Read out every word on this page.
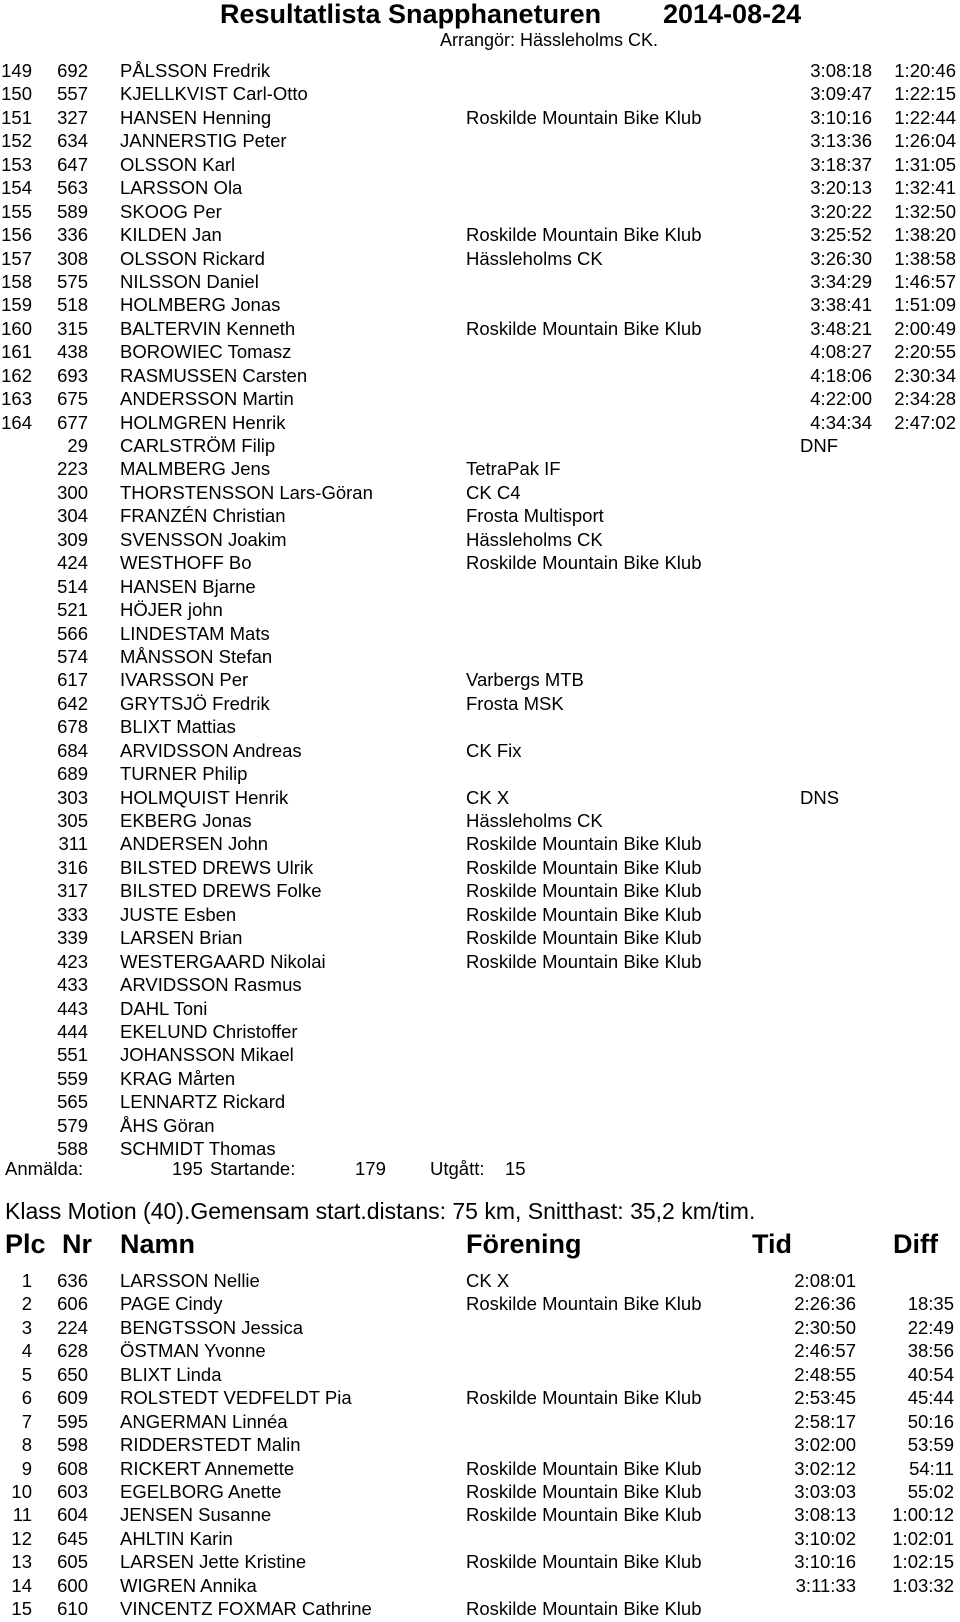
Resultatlista Snapphaneturen 2014-08-24
Arrangör: Hässleholms CK.
149	692 PÅLSSON Fredrik	3:08:18	1:20:46
150	557 KJELLKVIST Carl-Otto	3:09:47	1:22:15
151	327 HANSEN Henning	Roskilde Mountain Bike Klub	3:10:16	1:22:44
152	634 JANNERSTIG Peter	3:13:36	1:26:04
153	647 OLSSON Karl	3:18:37	1:31:05
154	563 LARSSON Ola	3:20:13	1:32:41
155	589 SKOOG Per	3:20:22	1:32:50
156	336 KILDEN Jan	Roskilde Mountain Bike Klub	3:25:52	1:38:20
157	308 OLSSON Rickard	Hässleholms CK	3:26:30	1:38:58
158	575 NILSSON Daniel	3:34:29	1:46:57
159	518 HOLMBERG Jonas	3:38:41	1:51:09
160	315 BALTERVIN Kenneth	Roskilde Mountain Bike Klub	3:48:21	2:00:49
161	438 BOROWIEC Tomasz	4:08:27	2:20:55
162	693 RASMUSSEN Carsten	4:18:06	2:30:34
163	675 ANDERSSON Martin	4:22:00	2:34:28
164	677 HOLMGREN Henrik	4:34:34	2:47:02
29 CARLSTRÖM Filip	DNF
223 MALMBERG Jens	TetraPak IF
300 THORSTENSSON Lars-Göran	CK C4
304 FRANZÉN Christian	Frosta Multisport
309 SVENSSON Joakim	Hässleholms CK
424 WESTHOFF Bo	Roskilde Mountain Bike Klub
514 HANSEN Bjarne
521 HÖJER john
566 LINDESTAM Mats
574 MÅNSSON Stefan
617 IVARSSON Per	Varbergs MTB
642 GRYTSJÖ Fredrik	Frosta MSK
678 BLIXT Mattias
684 ARVIDSSON Andreas	CK Fix
689 TURNER Philip
303 HOLMQUIST Henrik	CK X	DNS
305 EKBERG Jonas	Hässleholms CK
311 ANDERSEN John	Roskilde Mountain Bike Klub
316 BILSTED DREWS Ulrik	Roskilde Mountain Bike Klub
317 BILSTED DREWS Folke	Roskilde Mountain Bike Klub
333 JUSTE Esben	Roskilde Mountain Bike Klub
339 LARSEN Brian	Roskilde Mountain Bike Klub
423 WESTERGAARD Nikolai	Roskilde Mountain Bike Klub
433 ARVIDSSON Rasmus
443 DAHL Toni
444 EKELUND Christoffer
551 JOHANSSON Mikael
559 KRAG Mårten
565 LENNARTZ Rickard
579 ÅHS Göran
588 SCHMIDT Thomas
Anmälda:	195 Startande:	179 Utgått: 15
Klass Motion (40).Gemensam start.distans: 75 km, Snitthast: 35,2 km/tim.
Plc Nr Namn	Förening	Tid	Diff
1	636 LARSSON Nellie	CK X	2:08:01
2	606 PAGE Cindy	Roskilde Mountain Bike Klub	2:26:36	18:35
3	224 BENGTSSON Jessica	2:30:50	22:49
4	628 ÖSTMAN Yvonne	2:46:57	38:56
5	650 BLIXT Linda	2:48:55	40:54
6	609 ROLSTEDT VEDFELDT Pia	Roskilde Mountain Bike Klub	2:53:45	45:44
7	595 ANGERMAN Linnéa	2:58:17	50:16
8	598 RIDDERSTEDT Malin	3:02:00	53:59
9	608 RICKERT Annemette	Roskilde Mountain Bike Klub	3:02:12	54:11
10	603 EGELBORG Anette	Roskilde Mountain Bike Klub	3:03:03	55:02
11	604 JENSEN Susanne	Roskilde Mountain Bike Klub	3:08:13	1:00:12
12	645 AHLTIN Karin	3:10:02	1:02:01
13	605 LARSEN Jette Kristine	Roskilde Mountain Bike Klub	3:10:16	1:02:15
14	600 WIGREN Annika	3:11:33	1:03:32
15	610 VINCENTZ FOXMAR Cathrine	Roskilde Mountain Bike Klub
